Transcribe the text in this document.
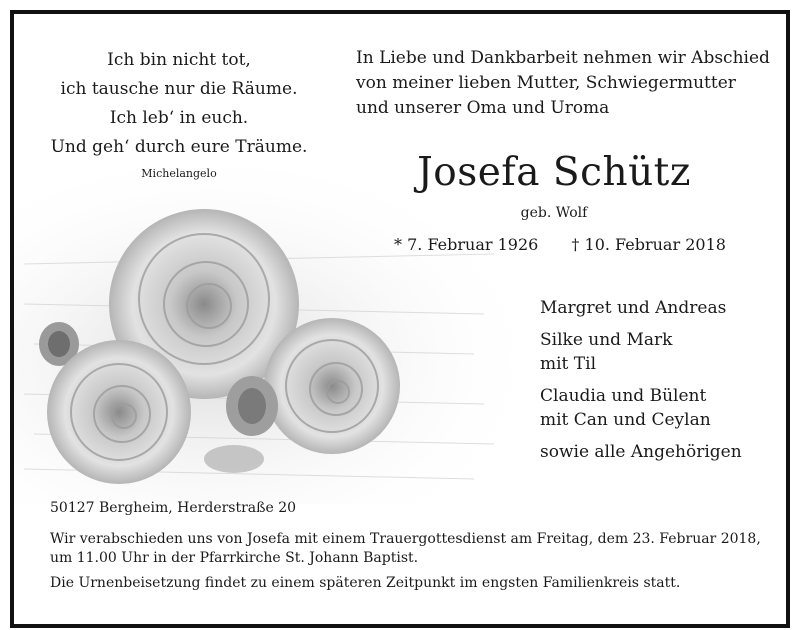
Ich bin nicht tot,
ich tausche nur die Räume.
Ich leb‘ in euch.
Und geh‘ durch eure Träume.
Michelangelo
In Liebe und Dankbarbeit nehmen wir Abschied
von meiner lieben Mutter, Schwiegermutter
und unserer Oma und Uroma
Josefa Schütz
geb. Wolf
* 7. Februar 1926 † 10. Februar 2018
Margret und Andreas
Silke und Mark
mit Til
Claudia und Bülent
mit Can und Ceylan
sowie alle Angehörigen
50127 Bergheim, Herderstraße 20
Wir verabschieden uns von Josefa mit einem Trauergottesdienst am Freitag, dem 23. Februar 2018,
um 11.00 Uhr in der Pfarrkirche St. Johann Baptist.
Die Urnenbeisetzung findet zu einem späteren Zeitpunkt im engsten Familienkreis statt.
